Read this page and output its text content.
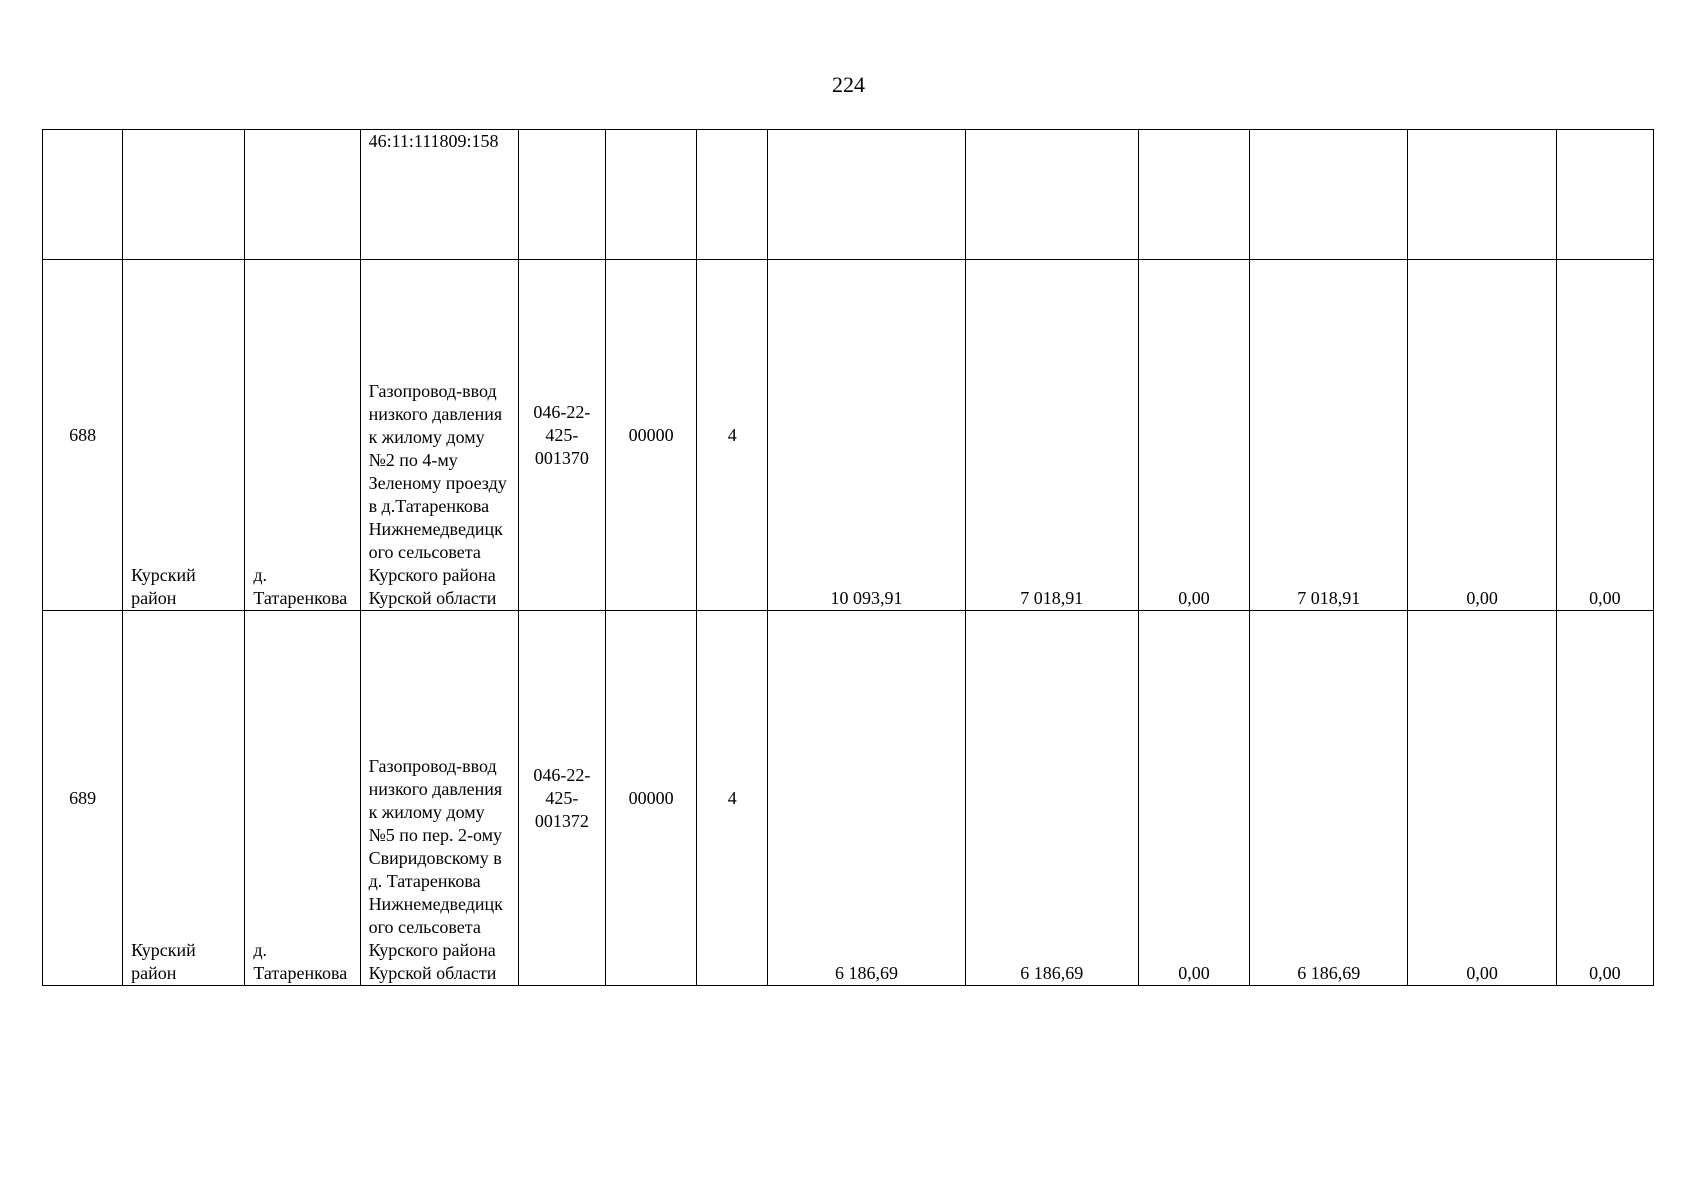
224
			46:11:111809:158									
688	Курский район	д. Татаренкова	Газопровод-ввод низкого давления к жилому дому №2 по 4-му Зеленому проезду в д.Татаренкова Нижнемедведицкого сельсовета Курского района Курской области	046-22-425-001370	00000	4	10 093,91	7 018,91	0,00	7 018,91	0,00	0,00
689	Курский район	д. Татаренкова	Газопровод-ввод низкого давления к жилому дому №5 по пер. 2-ому Свиридовскому в д. Татаренкова Нижнемедведицкого сельсовета Курского района Курской области	046-22-425-001372	00000	4	6 186,69	6 186,69	0,00	6 186,69	0,00	0,00
